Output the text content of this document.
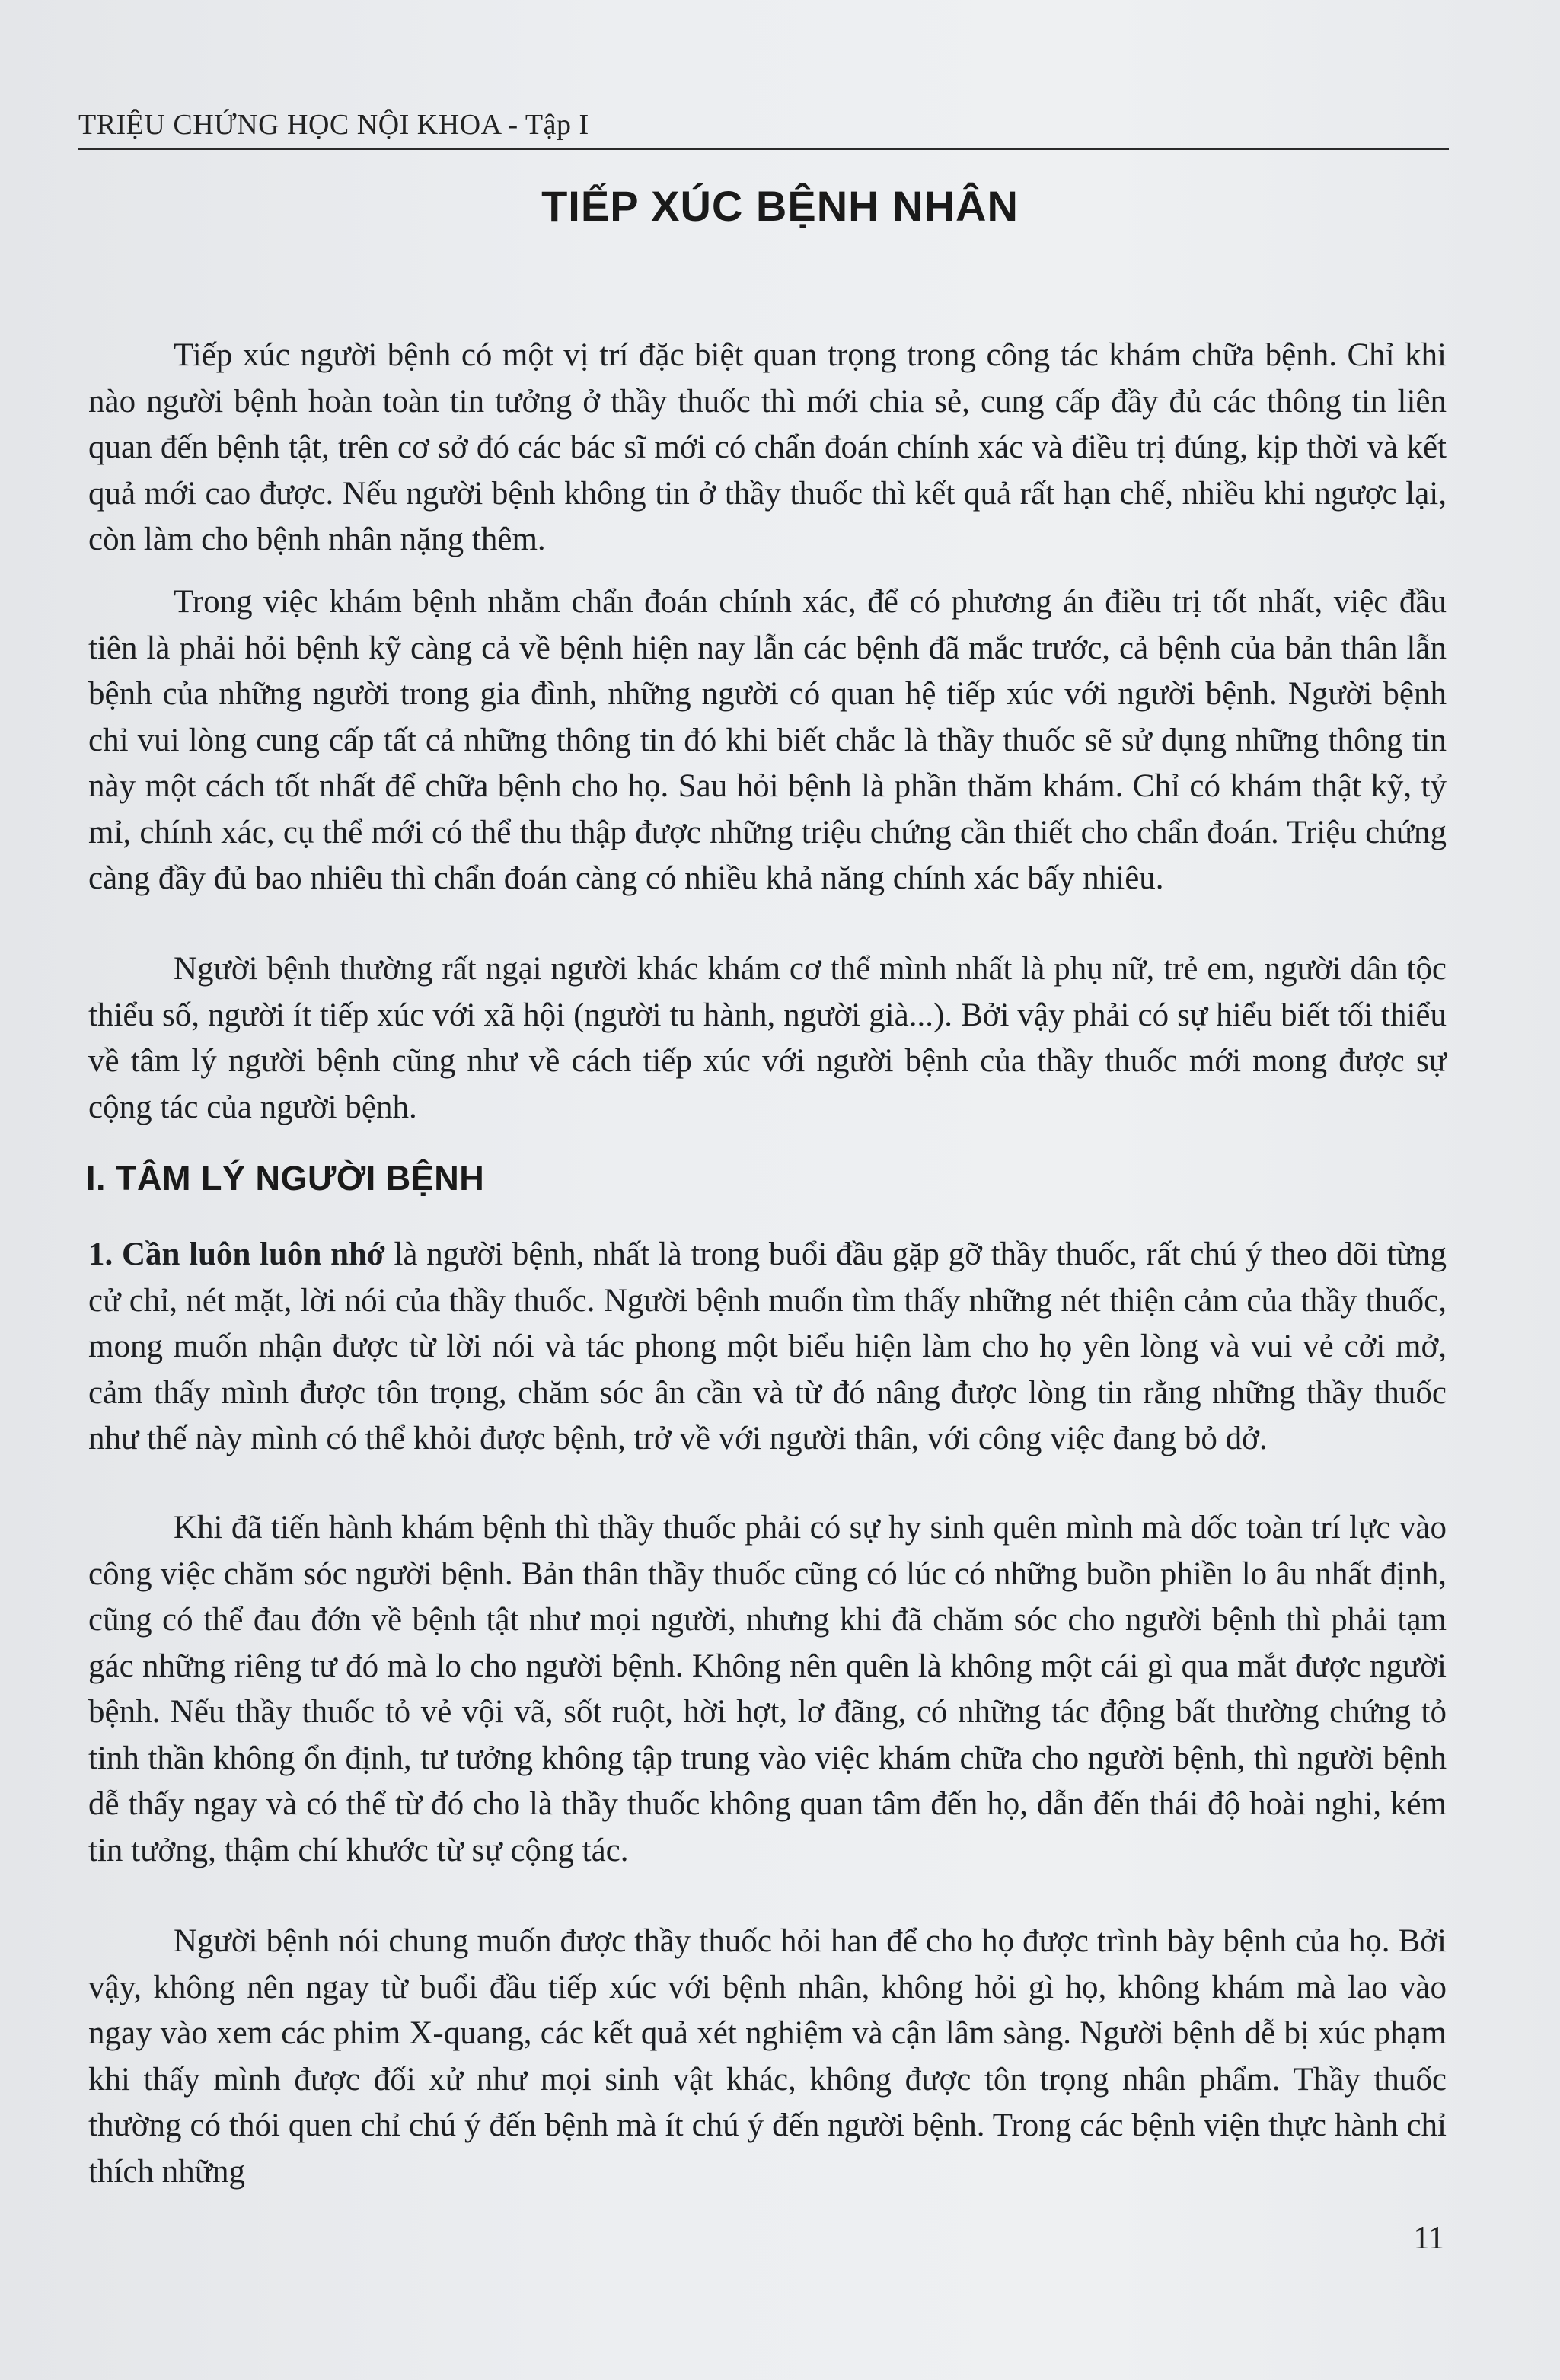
TRIỆU CHỨNG HỌC NỘI KHOA - Tập I
TIẾP XÚC BỆNH NHÂN

Tiếp xúc người bệnh có một vị trí đặc biệt quan trọng trong công tác khám chữa bệnh. Chỉ khi nào người bệnh hoàn toàn tin tưởng ở thầy thuốc thì mới chia sẻ, cung cấp đầy đủ các thông tin liên quan đến bệnh tật, trên cơ sở đó các bác sĩ mới có chẩn đoán chính xác và điều trị đúng, kịp thời và kết quả mới cao được. Nếu người bệnh không tin ở thầy thuốc thì kết quả rất hạn chế, nhiều khi ngược lại, còn làm cho bệnh nhân nặng thêm.

Trong việc khám bệnh nhằm chẩn đoán chính xác, để có phương án điều trị tốt nhất, việc đầu tiên là phải hỏi bệnh kỹ càng cả về bệnh hiện nay lẫn các bệnh đã mắc trước, cả bệnh của bản thân lẫn bệnh của những người trong gia đình, những người có quan hệ tiếp xúc với người bệnh. Người bệnh chỉ vui lòng cung cấp tất cả những thông tin đó khi biết chắc là thầy thuốc sẽ sử dụng những thông tin này một cách tốt nhất để chữa bệnh cho họ. Sau hỏi bệnh là phần thăm khám. Chỉ có khám thật kỹ, tỷ mỉ, chính xác, cụ thể mới có thể thu thập được những triệu chứng cần thiết cho chẩn đoán. Triệu chứng càng đầy đủ bao nhiêu thì chẩn đoán càng có nhiều khả năng chính xác bấy nhiêu.

Người bệnh thường rất ngại người khác khám cơ thể mình nhất là phụ nữ, trẻ em, người dân tộc thiểu số, người ít tiếp xúc với xã hội (người tu hành, người già...). Bởi vậy phải có sự hiểu biết tối thiểu về tâm lý người bệnh cũng như về cách tiếp xúc với người bệnh của thầy thuốc mới mong được sự cộng tác của người bệnh.

I. TÂM LÝ NGƯỜI BỆNH

1. Cần luôn luôn nhớ là người bệnh, nhất là trong buổi đầu gặp gỡ thầy thuốc, rất chú ý theo dõi từng cử chỉ, nét mặt, lời nói của thầy thuốc. Người bệnh muốn tìm thấy những nét thiện cảm của thầy thuốc, mong muốn nhận được từ lời nói và tác phong một biểu hiện làm cho họ yên lòng và vui vẻ cởi mở, cảm thấy mình được tôn trọng, chăm sóc ân cần và từ đó nâng được lòng tin rằng những thầy thuốc như thế này mình có thể khỏi được bệnh, trở về với người thân, với công việc đang bỏ dở.

Khi đã tiến hành khám bệnh thì thầy thuốc phải có sự hy sinh quên mình mà dốc toàn trí lực vào công việc chăm sóc người bệnh. Bản thân thầy thuốc cũng có lúc có những buồn phiền lo âu nhất định, cũng có thể đau đớn về bệnh tật như mọi người, nhưng khi đã chăm sóc cho người bệnh thì phải tạm gác những riêng tư đó mà lo cho người bệnh. Không nên quên là không một cái gì qua mắt được người bệnh. Nếu thầy thuốc tỏ vẻ vội vã, sốt ruột, hời hợt, lơ đãng, có những tác động bất thường chứng tỏ tinh thần không ổn định, tư tưởng không tập trung vào việc khám chữa cho người bệnh, thì người bệnh dễ thấy ngay và có thể từ đó cho là thầy thuốc không quan tâm đến họ, dẫn đến thái độ hoài nghi, kém tin tưởng, thậm chí khước từ sự cộng tác.

Người bệnh nói chung muốn được thầy thuốc hỏi han để cho họ được trình bày bệnh của họ. Bởi vậy, không nên ngay từ buổi đầu tiếp xúc với bệnh nhân, không hỏi gì họ, không khám mà lao vào ngay vào xem các phim X-quang, các kết quả xét nghiệm và cận lâm sàng. Người bệnh dễ bị xúc phạm khi thấy mình được đối xử như mọi sinh vật khác, không được tôn trọng nhân phẩm. Thầy thuốc thường có thói quen chỉ chú ý đến bệnh mà ít chú ý đến người bệnh. Trong các bệnh viện thực hành chỉ thích những

11
